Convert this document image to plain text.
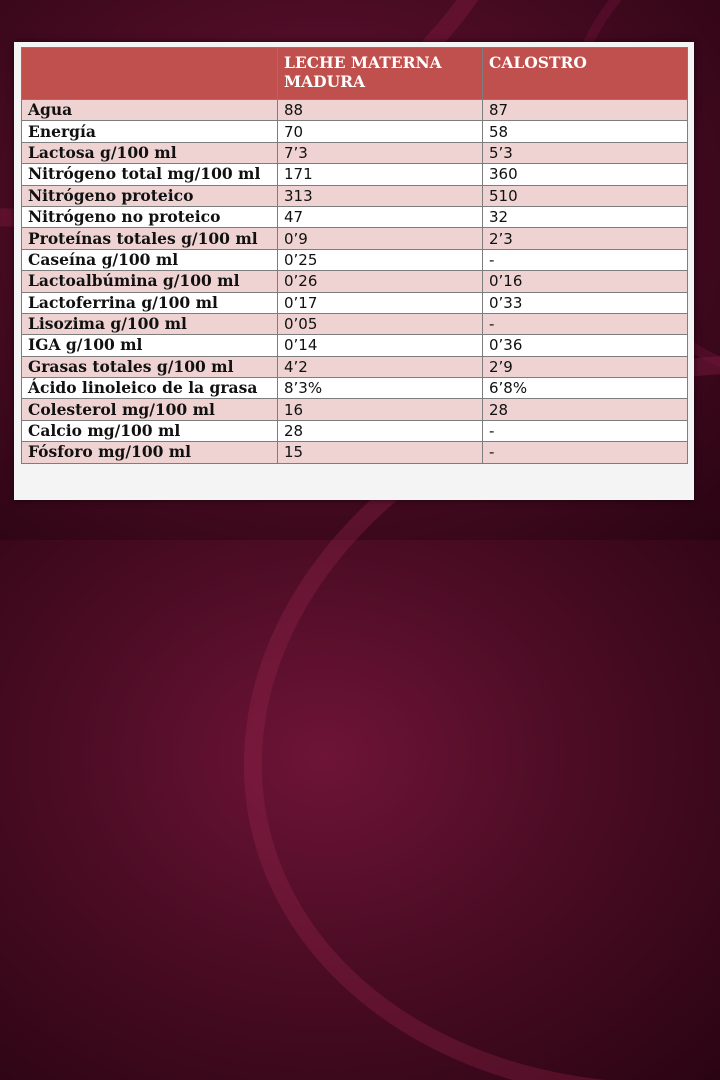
	LECHE MATERNA MADURA	CALOSTRO
Agua	88	87
Energía	70	58
Lactosa g/100 ml	7’3	5’3
Nitrógeno total mg/100 ml	171	360
Nitrógeno proteico	313	510
Nitrógeno no proteico	47	32
Proteínas totales g/100 ml	0’9	2’3
Caseína g/100 ml	0’25	-
Lactoalbúmina g/100 ml	0’26	0’16
Lactoferrina g/100 ml	0’17	0’33
Lisozima g/100 ml	0’05	-
IGA g/100 ml	0’14	0’36
Grasas totales g/100 ml	4’2	2’9
Ácido linoleico de la grasa	8’3%	6’8%
Colesterol mg/100 ml	16	28
Calcio mg/100 ml	28	-
Fósforo mg/100 ml	15	-
